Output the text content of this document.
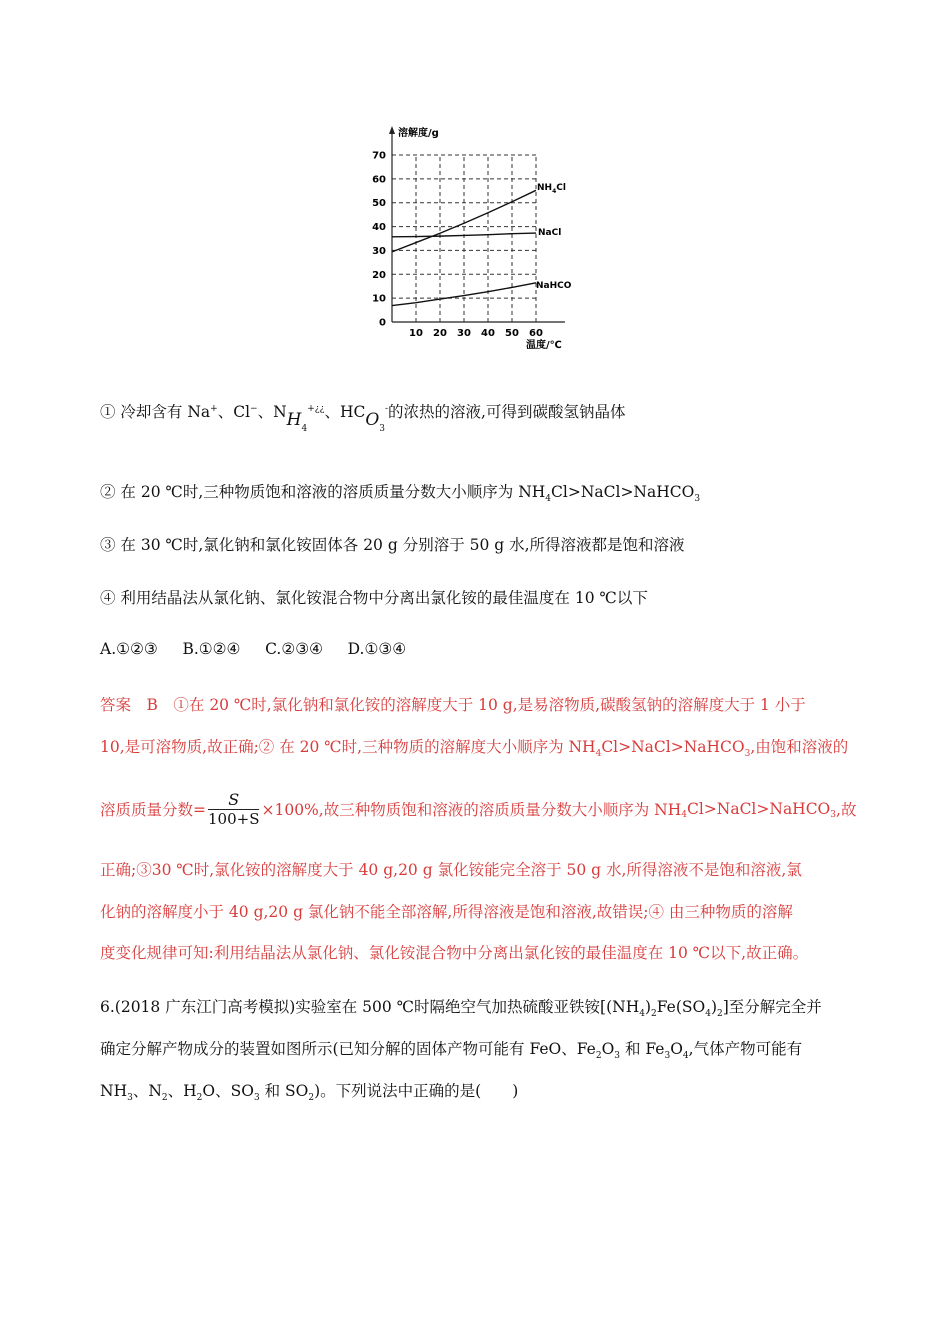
溶解度/g
温度/℃
0
10
20
30
40
50
60
70
10 20 30 40 50 60
$NH_4Cl$
NaCl
NaHCO
① 冷却含有 Na+、Cl−、$NH_4^{+¿¿}$、$HCO_3^-$的浓热的溶液,可得到碳酸氢钠晶体
② 在 20 ℃时,三种物质饱和溶液的溶质质量分数大小顺序为 $NH_4Cl>NaCl>NaHCO_3$
③ 在 30 ℃时,氯化钠和氯化铵固体各 20 g 分别溶于 50 g 水,所得溶液都是饱和溶液
④ 利用结晶法从氯化钠、氯化铵混合物中分离出氯化铵的最佳温度在 10 ℃以下
A.①②③     B.①②④     C.②③④     D.①③④
答案　B　①在 20 ℃时,氯化钠和氯化铵的溶解度大于 10 g,是易溶物质,碳酸氢钠的溶解度大于 1 小于
10,是可溶物质,故正确;② 在 20 ℃时,三种物质的溶解度大小顺序为 $NH_4Cl>NaCl>NaHCO_3$,由饱和溶液的
溶质质量分数= $\frac{S}{100+S} \times 100\%$,故三种物质饱和溶液的溶质质量分数大小顺序为 $NH_4Cl>NaCl>NaHCO_3$,故
正确;③30 ℃时,氯化铵的溶解度大于 40 g,20 g 氯化铵能完全溶于 50 g 水,所得溶液不是饱和溶液,氯
化钠的溶解度小于 40 g,20 g 氯化钠不能全部溶解,所得溶液是饱和溶液,故错误;④ 由三种物质的溶解
度变化规律可知:利用结晶法从氯化钠、氯化铵混合物中分离出氯化铵的最佳温度在 10 ℃以下,故正确。
6.(2018 广东江门高考模拟)实验室在 500 ℃时隔绝空气加热硫酸亚铁铵$[(NH_4)_2Fe(SO_4)_2]$至分解完全并
确定分解产物成分的装置如图所示(已知分解的固体产物可能有 FeO、$Fe_2O_3$ 和 $Fe_3O_4$,气体产物可能有
$NH_3$、$N_2$、$H_2O$、$SO_3$ 和 $SO_2$)。下列说法中正确的是(　　)
